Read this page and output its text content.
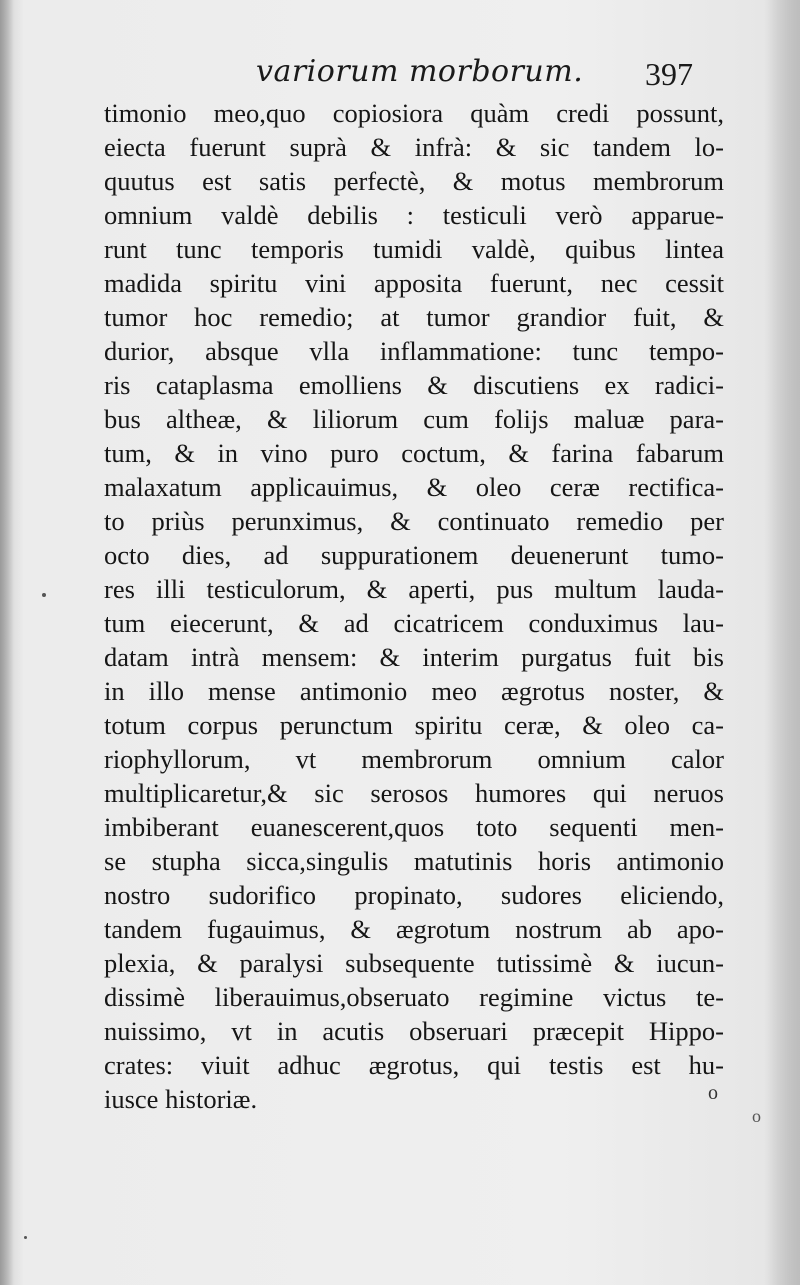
variorum morborum. 397
timonio meo,quo copiosiora quàm credi possunt,
eiecta fuerunt suprà & infrà: & sic tandem lo-
quutus est satis perfectè, & motus membrorum
omnium valdè debilis : testiculi verò apparue-
runt tunc temporis tumidi valdè, quibus lintea
madida spiritu vini apposita fuerunt, nec cessit
tumor hoc remedio; at tumor grandior fuit, &
durior, absque vlla inflammatione: tunc tempo-
ris cataplasma emolliens & discutiens ex radici-
bus altheæ, & liliorum cum folijs maluæ para-
tum, & in vino puro coctum, & farina fabarum
malaxatum applicauimus, & oleo ceræ rectifica-
to priùs perunximus, & continuato remedio per
octo dies, ad suppurationem deuenerunt tumo-
res illi testiculorum, & aperti, pus multum lauda-
tum eiecerunt, & ad cicatricem conduximus lau-
datam intrà mensem: & interim purgatus fuit bis
in illo mense antimonio meo ægrotus noster, &
totum corpus perunctum spiritu ceræ, & oleo ca-
riophyllorum, vt membrorum omnium calor
multiplicaretur,& sic serosos humores qui neruos
imbiberant euanescerent,quos toto sequenti men-
se stupha sicca,singulis matutinis horis antimonio
nostro sudorifico propinato, sudores eliciendo,
tandem fugauimus, & ægrotum nostrum ab apo-
plexia, & paralysi subsequente tutissimè & iucun-
dissimè liberauimus,obseruato regimine victus te-
nuissimo, vt in acutis obseruari præcepit Hippo-
crates: viuit adhuc ægrotus, qui testis est hu-
iusce historiæ.	o
o
